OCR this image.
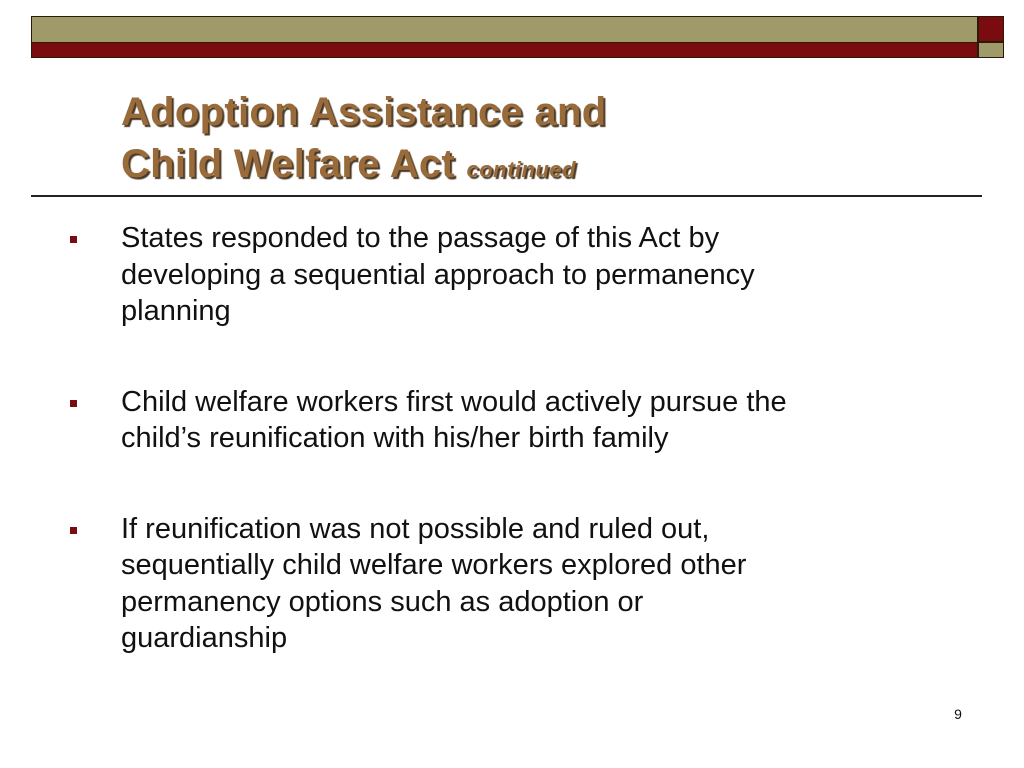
Adoption Assistance and
Child Welfare Act continued
States responded to the passage of this Act by developing a sequential approach to permanency planning
Child welfare workers first would actively pursue the child’s reunification with his/her birth family
If reunification was not possible and ruled out, sequentially child welfare workers explored other permanency options such as adoption or guardianship
9
